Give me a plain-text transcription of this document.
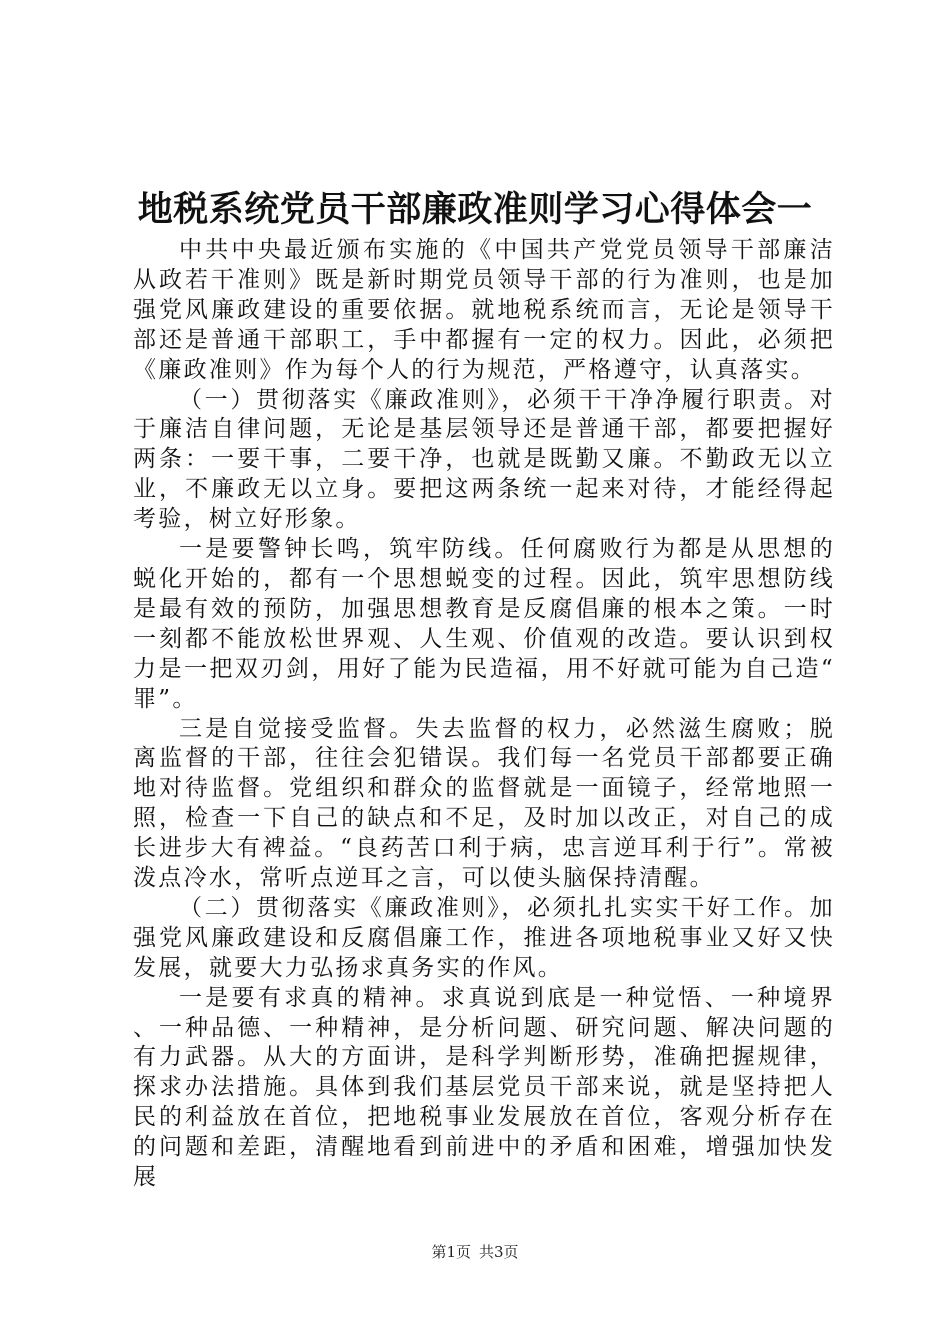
地税系统党员干部廉政准则学习心得体会一

中共中央最近颁布实施的《中国共产党党员领导干部廉洁从政若干准则》既是新时期党员领导干部的行为准则，也是加强党风廉政建设的重要依据。就地税系统而言，无论是领导干部还是普通干部职工，手中都握有一定的权力。因此，必须把《廉政准则》作为每个人的行为规范，严格遵守，认真落实。

（一）贯彻落实《廉政准则》，必须干干净净履行职责。对于廉洁自律问题，无论是基层领导还是普通干部，都要把握好两条：一要干事，二要干净，也就是既勤又廉。不勤政无以立业，不廉政无以立身。要把这两条统一起来对待，才能经得起考验，树立好形象。

一是要警钟长鸣，筑牢防线。任何腐败行为都是从思想的蜕化开始的，都有一个思想蜕变的过程。因此，筑牢思想防线是最有效的预防，加强思想教育是反腐倡廉的根本之策。一时一刻都不能放松世界观、人生观、价值观的改造。要认识到权力是一把双刃剑，用好了能为民造福，用不好就可能为自己造“罪”。

三是自觉接受监督。失去监督的权力，必然滋生腐败；脱离监督的干部，往往会犯错误。我们每一名党员干部都要正确地对待监督。党组织和群众的监督就是一面镜子，经常地照一照，检查一下自己的缺点和不足，及时加以改正，对自己的成长进步大有裨益。“良药苦口利于病，忠言逆耳利于行”。常被泼点冷水，常听点逆耳之言，可以使头脑保持清醒。

（二）贯彻落实《廉政准则》，必须扎扎实实干好工作。加强党风廉政建设和反腐倡廉工作，推进各项地税事业又好又快发展，就要大力弘扬求真务实的作风。

一是要有求真的精神。求真说到底是一种觉悟、一种境界、一种品德、一种精神，是分析问题、研究问题、解决问题的有力武器。从大的方面讲，是科学判断形势，准确把握规律，探求办法措施。具体到我们基层党员干部来说，就是坚持把人民的利益放在首位，把地税事业发展放在首位，客观分析存在的问题和差距，清醒地看到前进中的矛盾和困难，增强加快发展

第1页 共3页
